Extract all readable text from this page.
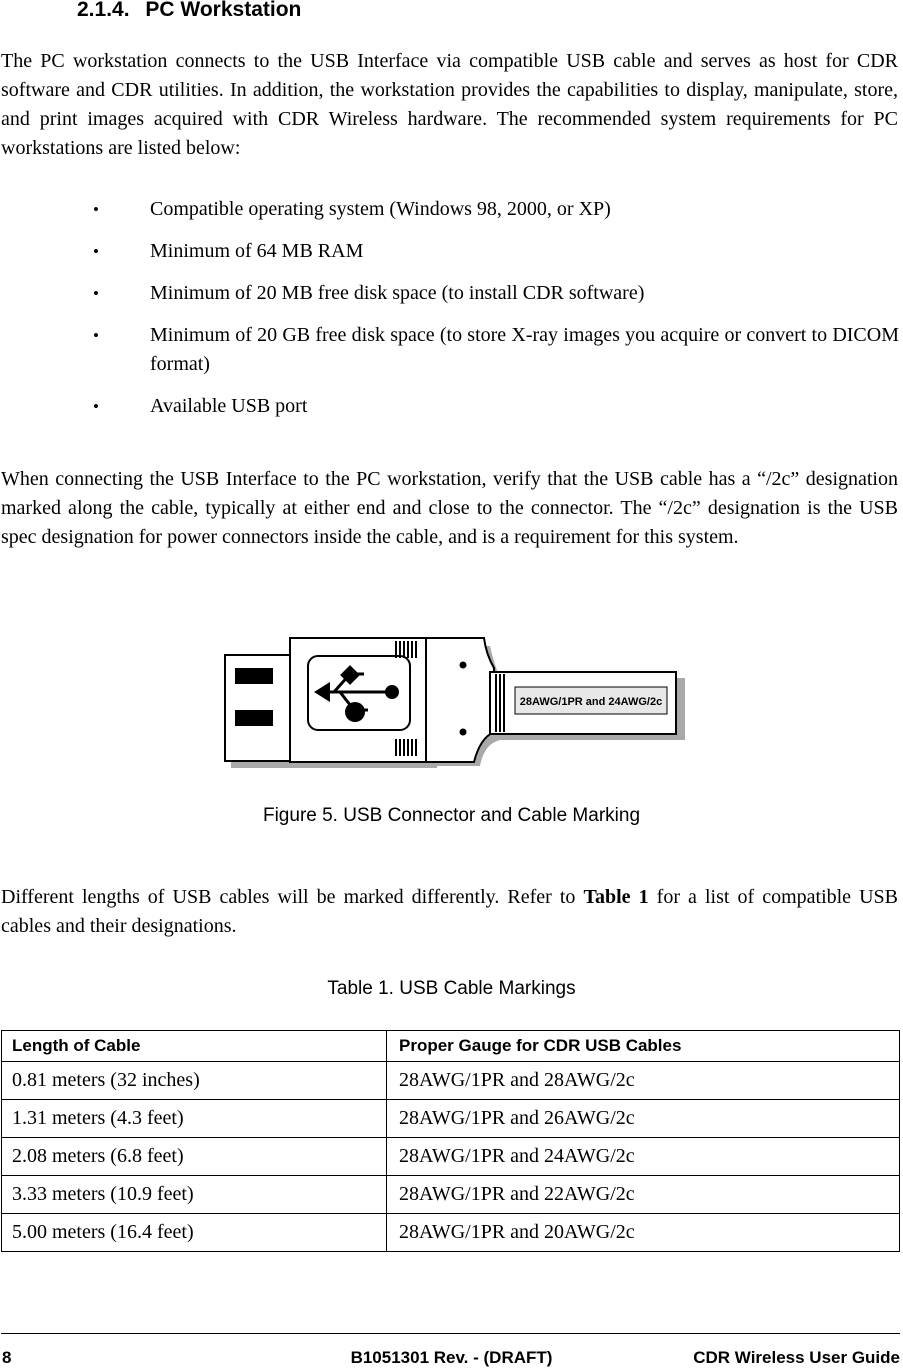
2.1.4. PC Workstation

The PC workstation connects to the USB Interface via compatible USB cable and serves as host for CDR software and CDR utilities. In addition, the workstation provides the capabilities to display, manipulate, store, and print images acquired with CDR Wireless hardware. The recommended system requirements for PC workstations are listed below:

•	Compatible operating system (Windows 98, 2000, or XP)
•	Minimum of 64 MB RAM
•	Minimum of 20 MB free disk space (to install CDR software)
•	Minimum of 20 GB free disk space (to store X-ray images you acquire or convert to DICOM format)
•	Available USB port

When connecting the USB Interface to the PC workstation, verify that the USB cable has a “/2c” designation marked along the cable, typically at either end and close to the connector. The “/2c” designation is the USB spec designation for power connectors inside the cable, and is a requirement for this system.

28AWG/1PR and 24AWG/2c
Figure 5. USB Connector and Cable Marking

Different lengths of USB cables will be marked differently. Refer to Table 1 for a list of compatible USB cables and their designations.

Table 1. USB Cable Markings
Length of Cable	Proper Gauge for CDR USB Cables
0.81 meters (32 inches)	28AWG/1PR and 28AWG/2c
1.31 meters (4.3 feet)	28AWG/1PR and 26AWG/2c
2.08 meters (6.8 feet)	28AWG/1PR and 24AWG/2c
3.33 meters (10.9 feet)	28AWG/1PR and 22AWG/2c
5.00 meters (16.4 feet)	28AWG/1PR and 20AWG/2c
8	B1051301 Rev. - (DRAFT)	CDR Wireless User Guide
